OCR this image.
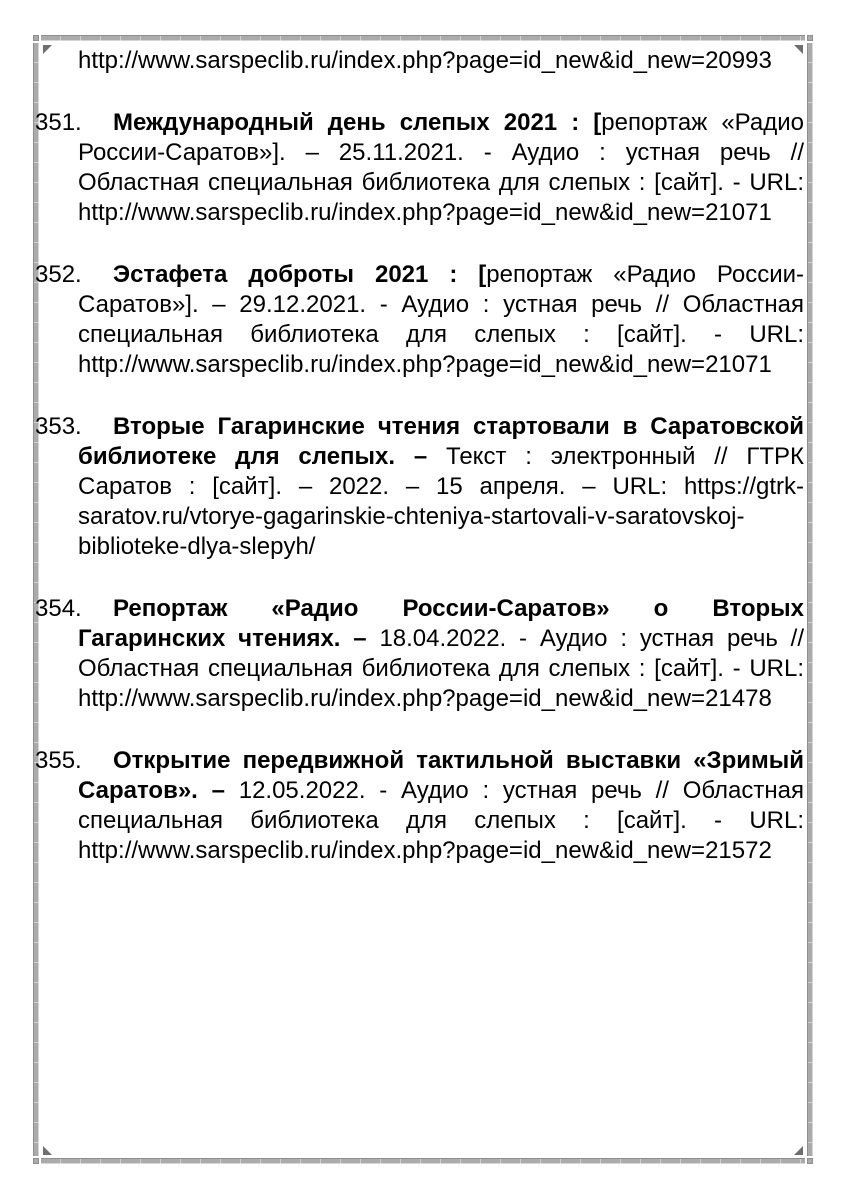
http://www.sarspeclib.ru/index.php?page=id_new&id_new=20993

351. Международный день слепых 2021 : [репортаж «Радио России-Саратов»]. – 25.11.2021. - Аудио : устная речь // Областная специальная библиотека для слепых : [сайт]. - URL: http://www.sarspeclib.ru/index.php?page=id_new&id_new=21071
352. Эстафета доброты 2021 : [репортаж «Радио России-Саратов»]. – 29.12.2021. - Аудио : устная речь // Областная специальная библиотека для слепых : [сайт]. - URL: http://www.sarspeclib.ru/index.php?page=id_new&id_new=21071
353. Вторые Гагаринские чтения стартовали в Саратовской библиотеке для слепых. – Текст : электронный // ГТРК Саратов : [сайт]. – 2022. – 15 апреля. – URL: https://gtrk-saratov.ru/vtorye-gagarinskie-chteniya-startovali-v-saratovskoj-biblioteke-dlya-slepyh/
354. Репортаж «Радио России-Саратов» о Вторых Гагаринских чтениях. – 18.04.2022. - Аудио : устная речь // Областная специальная библиотека для слепых : [сайт]. - URL: http://www.sarspeclib.ru/index.php?page=id_new&id_new=21478
355. Открытие передвижной тактильной выставки «Зримый Саратов». – 12.05.2022. - Аудио : устная речь // Областная специальная библиотека для слепых : [сайт]. - URL: http://www.sarspeclib.ru/index.php?page=id_new&id_new=21572
